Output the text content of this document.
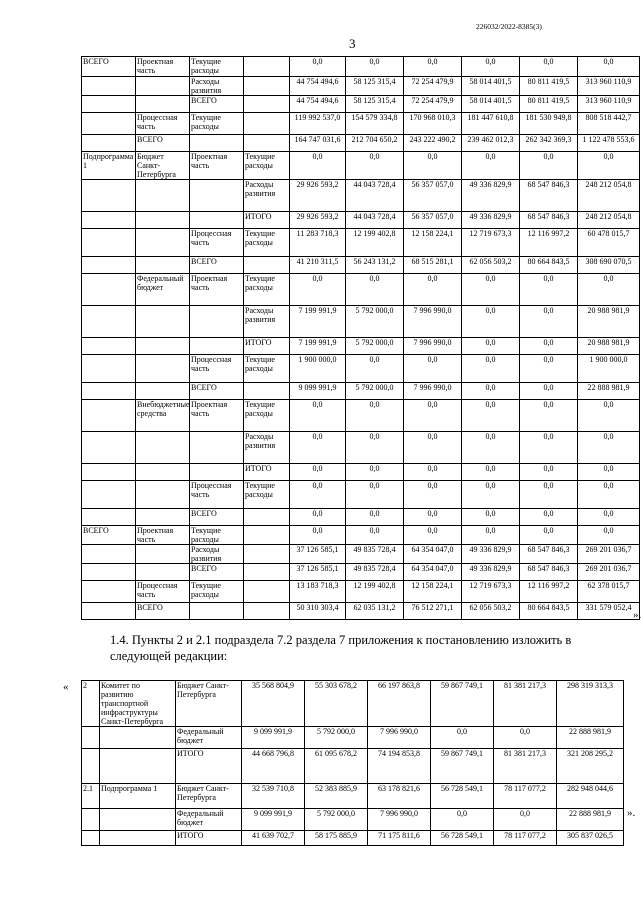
226032/2022-8385(3)
3
ВСЕГО	Проектная часть	Текущие расходы		0,0	0,0	0,0	0,0	0,0	0,0
		Расходы развития		44 754 494,6	58 125 315,4	72 254 479,9	58 014 401,5	80 811 419,5	313 960 110,9
		ВСЕГО		44 754 494,6	58 125 315,4	72 254 479,9	58 014 401,5	80 811 419,5	313 960 110,9
	Процессная часть	Текущие расходы		119 992 537,0	154 579 334,8	170 968 010,3	181 447 610,8	181 530 949,8	808 518 442,7
	ВСЕГО			164 747 031,6	212 704 650,2	243 222 490,2	239 462 012,3	262 342 369,3	1 122 478 553,6
Подпрограмма 1	Бюджет Санкт-Петербурга	Проектная часть	Текущие расходы	0,0	0,0	0,0	0,0	0,0	0,0
			Расходы развития	29 926 593,2	44 043 728,4	56 357 057,0	49 336 829,9	68 547 846,3	248 212 054,8
			ИТОГО	29 926 593,2	44 043 728,4	56 357 057,0	49 336 829,9	68 547 846,3	248 212 054,8
		Процессная часть	Текущие расходы	11 283 718,3	12 199 402,8	12 158 224,1	12 719 673,3	12 116 997,2	60 478 015,7
		ВСЕГО		41 210 311,5	56 243 131,2	68 515 281,1	62 056 503,2	80 664 843,5	308 690 070,5
	Федеральный бюджет	Проектная часть	Текущие расходы	0,0	0,0	0,0	0,0	0,0	0,0
			Расходы развития	7 199 991,9	5 792 000,0	7 996 990,0	0,0	0,0	20 988 981,9
			ИТОГО	7 199 991,9	5 792 000,0	7 996 990,0	0,0	0,0	20 988 981,9
		Процессная часть	Текущие расходы	1 900 000,0	0,0	0,0	0,0	0,0	1 900 000,0
		ВСЕГО		9 099 991,9	5 792 000,0	7 996 990,0	0,0	0,0	22 888 981,9
	Внебюджетные средства	Проектная часть	Текущие расходы	0,0	0,0	0,0	0,0	0,0	0,0
			Расходы развития	0,0	0,0	0,0	0,0	0,0	0,0
			ИТОГО	0,0	0,0	0,0	0,0	0,0	0,0
		Процессная часть	Текущие расходы	0,0	0,0	0,0	0,0	0,0	0,0
		ВСЕГО		0,0	0,0	0,0	0,0	0,0	0,0
ВСЕГО	Проектная часть	Текущие расходы		0,0	0,0	0,0	0,0	0,0	0,0
		Расходы развития		37 126 585,1	49 835 728,4	64 354 047,0	49 336 829,9	68 547 846,3	269 201 036,7
		ВСЕГО		37 126 585,1	49 835 728,4	64 354 047,0	49 336 829,9	68 547 846,3	269 201 036,7
	Процессная часть	Текущие расходы		13 183 718,3	12 199 402,8	12 158 224,1	12 719 673,3	12 116 997,2	62 378 015,7
	ВСЕГО			50 310 303,4	62 035 131,2	76 512 271,1	62 056 503,2	80 664 843,5	331 579 052,4
».
1.4. Пункты 2 и 2.1 подраздела 7.2 раздела 7 приложения к постановлению изложить в следующей редакции:
« 2	Комитет по развитию транспортной инфраструктуры Санкт-Петербурга	Бюджет Санкт-Петербурга	35 568 804,9	55 303 678,2	66 197 863,8	59 867 749,1	81 381 217,3	298 319 313,3
		Федеральный бюджет	9 099 991,9	5 792 000,0	7 996 990,0	0,0	0,0	22 888 981,9
		ИТОГО	44 668 796,8	61 095 678,2	74 194 853,8	59 867 749,1	81 381 217,3	321 208 295,2
2.1	Подпрограмма 1	Бюджет Санкт-Петербурга	32 539 710,8	52 383 885,9	63 178 821,6	56 728 549,1	78 117 077,2	282 948 044,6
		Федеральный бюджет	9 099 991,9	5 792 000,0	7 996 990,0	0,0	0,0	22 888 981,9
		ИТОГО	41 639 702,7	58 175 885,9	71 175 811,6	56 728 549,1	78 117 077,2	305 837 026,5
».
